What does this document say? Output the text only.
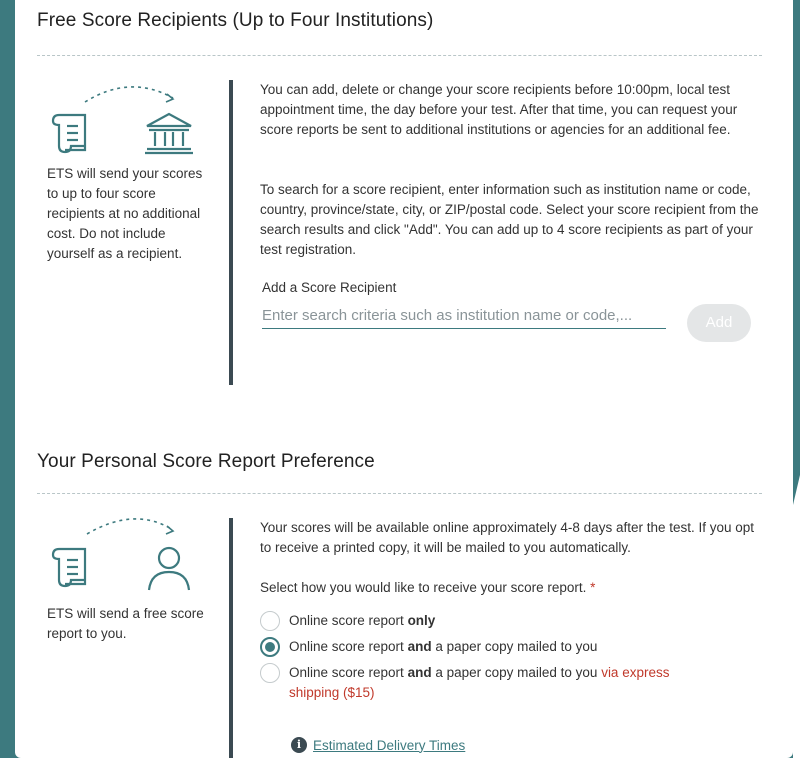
Free Score Recipients (Up to Four Institutions)
ETS will send your scores to up to four score recipients at no additional cost. Do not include yourself as a recipient.

You can add, delete or change your score recipients before 10:00pm, local test appointment time, the day before your test. After that time, you can request your score reports be sent to additional institutions or agencies for an additional fee.

To search for a score recipient, enter information such as institution name or code, country, province/state, city, or ZIP/postal code. Select your score recipient from the search results and click "Add". You can add up to 4 score recipients as part of your test registration.

Add a Score Recipient
Enter search criteria such as institution name or code,...
Add
Your Personal Score Report Preference
ETS will send a free score report to you.

Your scores will be available online approximately 4-8 days after the test. If you opt to receive a printed copy, it will be mailed to you automatically.

Select how you would like to receive your score report. *
Online score report only
Online score report and a paper copy mailed to you
Online score report and a paper copy mailed to you via express shipping ($15)
i Estimated Delivery Times
